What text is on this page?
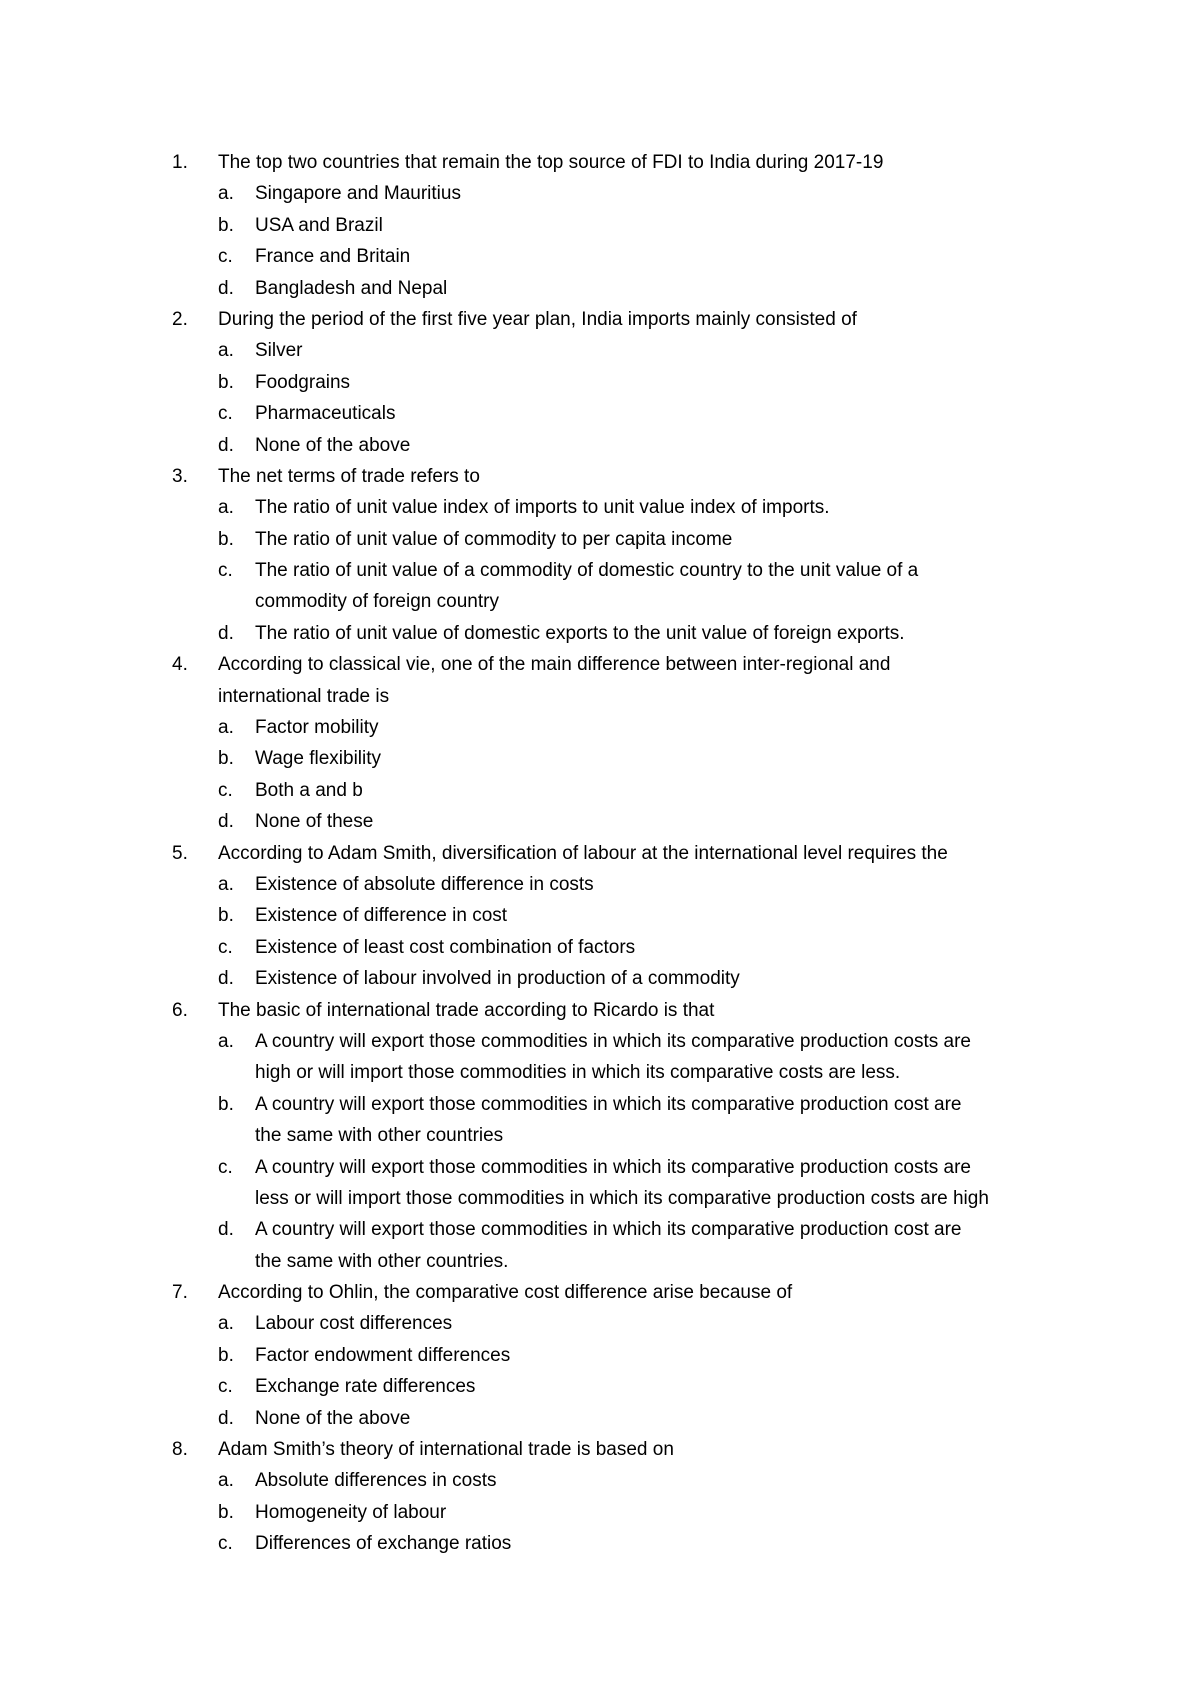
1. The top two countries that remain the top source of FDI to India during 2017-19
a. Singapore and Mauritius
b. USA and Brazil
c. France and Britain
d. Bangladesh and Nepal
2. During the period of the first five year plan, India imports mainly consisted of
a. Silver
b. Foodgrains
c. Pharmaceuticals
d. None of the above
3. The net terms of trade refers to
a. The ratio of unit value index of imports to unit value index of imports.
b. The ratio of unit value of commodity to per capita income
c. The ratio of unit value of a commodity of domestic country to the unit value of a
commodity of foreign country
d. The ratio of unit value of domestic exports to the unit value of foreign exports.
4. According to classical vie, one of the main difference between inter-regional and
international trade is
a. Factor mobility
b. Wage flexibility
c. Both a and b
d. None of these
5. According to Adam Smith, diversification of labour at the international level requires the
a. Existence of absolute difference in costs
b. Existence of difference in cost
c. Existence of least cost combination of factors
d. Existence of labour involved in production of a commodity
6. The basic of international trade according to Ricardo is that
a. A country will export those commodities in which its comparative production costs are
high or will import those commodities in which its comparative costs are less.
b. A country will export those commodities in which its comparative production cost are
the same with other countries
c. A country will export those commodities in which its comparative production costs are
less or will import those commodities in which its comparative production costs are high
d. A country will export those commodities in which its comparative production cost are
the same with other countries.
7. According to Ohlin, the comparative cost difference arise because of
a. Labour cost differences
b. Factor endowment differences
c. Exchange rate differences
d. None of the above
8. Adam Smith’s theory of international trade is based on
a. Absolute differences in costs
b. Homogeneity of labour
c. Differences of exchange ratios
